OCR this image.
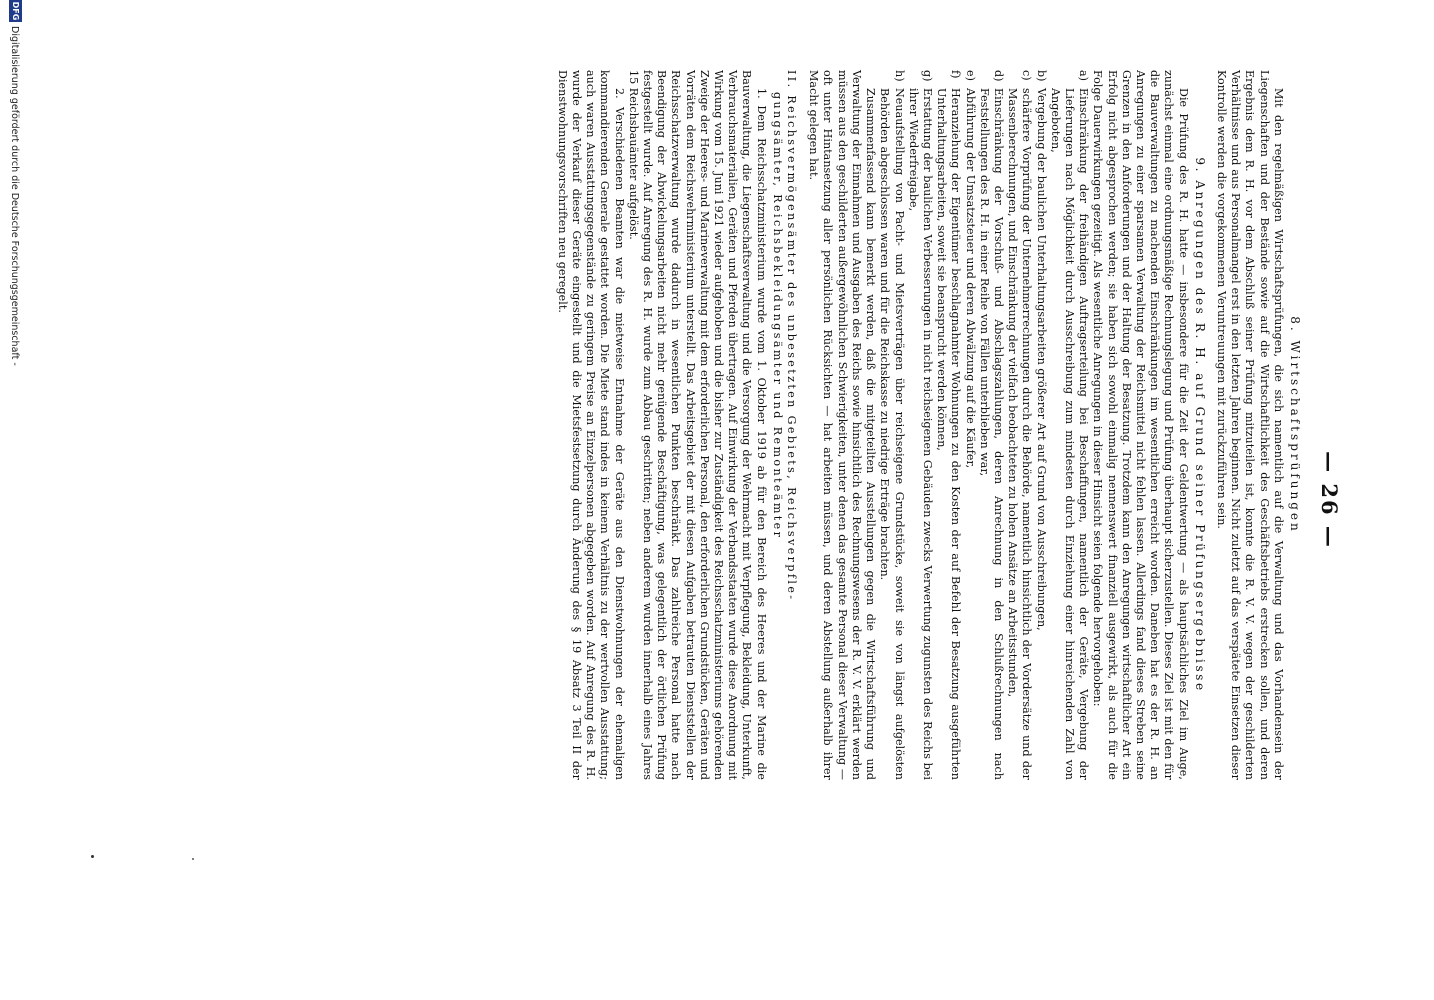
— 26 —
8. Wirtschaftsprüfungen

Mit den regelmäßigen Wirtschaftsprüfungen, die sich namentlich auf die Verwaltung und das Vorhandensein der Liegenschaften und der Bestände sowie auf die Wirtschaftlichkeit des Geschäftsbetriebs erstrecken sollen, und deren Ergebnis dem R. H. vor dem Abschluß seiner Prüfung mitzuteilen ist, konnte die R. V. V. wegen der geschilderten Verhältnisse und aus Personalmangel erst in den letzten Jahren beginnen. Nicht zuletzt auf das verspätete Einsetzen dieser Kontrolle werden die vorgekommenen Veruntreuungen mit zurückzuführen sein.

9. Anregungen des R. H. auf Grund seiner Prüfungsergebnisse

Die Prüfung des R. H. hatte — insbesondere für die Zeit der Geldentwertung — als hauptsächliches Ziel im Auge, zunächst einmal eine ordnungsmäßige Rechnungslegung und Prüfung überhaupt sicherzustellen. Dieses Ziel ist mit den für die Bauverwaltungen zu machenden Einschränkungen im wesentlichen erreicht worden. Daneben hat es der R. H. an Anregungen zu einer sparsamen Verwaltung der Reichsmittel nicht fehlen lassen. Allerdings fand dieses Streben seine Grenzen in den Anforderungen und der Haltung der Besatzung. Trotzdem kann den Anregungen wirtschaftlicher Art ein Erfolg nicht abgesprochen werden; sie haben sich sowohl einmalig nennenswert finanziell ausgewirkt, als auch für die Folge Dauerwirkungen gezeitigt. Als wesentliche Anregungen in dieser Hinsicht seien folgende hervorgehoben:

a)
Einschränkung der freihändigen Auftragserteilung bei Beschaffungen, namentlich der Geräte, Vergebung der Lieferungen nach Möglichkeit durch Ausschreibung zum mindesten durch Einziehung einer hinreichenden Zahl von Angeboten,
b)
Vergebung der baulichen Unterhaltungsarbeiten größerer Art auf Grund von Ausschreibungen,
c)
schärfere Vorprüfung der Unternehmerrechnungen durch die Behörde, namentlich hinsichtlich der Vordersätze und der Massenberechnungen, und Einschränkung der vielfach beobachteten zu hohen Ansätze an Arbeitsstunden,
d)
Einschränkung der Vorschuß- und Abschlagszahlungen, deren Anrechnung in den Schlußrechnungen nach Feststellungen des R. H. in einer Reihe von Fällen unterblieben war,
e)
Abführung der Umsatzsteuer und deren Abwälzung auf die Käufer,
f)
Heranziehung der Eigentümer beschlagnahmter Wohnungen zu den Kosten der auf Befehl der Besatzung ausgeführten Unterhaltungsarbeiten, soweit sie beansprucht werden können,
g)
Erstattung der baulichen Verbesserungen in nicht reichseigenen Gebäuden zwecks Verwertung zugunsten des Reichs bei ihrer Wiederfreigabe,
h)
Neuaufstellung von Pacht- und Mietsverträgen über reichseigene Grundstücke, soweit sie von längst aufgelösten Behörden abgeschlossen waren und für die Reichskasse zu niedrige Erträge brachten.

Zusammenfassend kann bemerkt werden, daß die mitgeteilten Ausstellungen gegen die Wirtschaftsführung und Verwaltung der Einnahmen und Ausgaben des Reichs sowie hinsichtlich des Rechnungswesens der R. V. V. erklärt werden müssen aus den geschilderten außergewöhnlichen Schwierigkeiten, unter denen das gesamte Personal dieser Verwaltung — oft unter Hintansetzung aller persönlichen Rücksichten — hat arbeiten müssen, und deren Abstellung außerhalb ihrer Macht gelegen hat.

II. Reichsvermögensämter des unbesetzten Gebiets, Reichsverpfle-
gungsämter, Reichsbekleidungsämter und Remonteämter

1. Dem Reichsschatzministerium wurde vom 1. Oktober 1919 ab für den Bereich des Heeres und der Marine die Bauverwaltung, die Liegenschaftsverwaltung und die Versorgung der Wehrmacht mit Verpflegung, Bekleidung, Unterkunft, Verbrauchsmaterialien, Geräten und Pferden übertragen. Auf Einwirkung der Verbandsstaaten wurde diese Anordnung mit Wirkung vom 15. Juni 1921 wieder aufgehoben und die bisher zur Zuständigkeit des Reichsschatzministeriums gehörenden Zweige der Heeres- und Marineverwaltung mit dem erforderlichen Personal, den erforderlichen Grundstücken, Geräten und Vorräten dem Reichswehrministerium unterstellt. Das Arbeitsgebiet der mit diesen Aufgaben betrauten Dienststellen der Reichsschatzverwaltung wurde dadurch in wesentlichen Punkten beschränkt. Das zahlreiche Personal hatte nach Beendigung der Abwickelungsarbeiten nicht mehr genügende Beschäftigung, was gelegentlich der örtlichen Prüfung festgestellt wurde. Auf Anregung des R. H. wurde zum Abbau geschritten; neben anderem wurden innerhalb eines Jahres 15 Reichsbauämter aufgelöst.

2. Verschiedenen Beamten war die mietweise Entnahme der Geräte aus den Dienstwohnungen der ehemaligen kommandierenden Generale gestattet worden. Die Miete stand indes in keinem Verhältnis zu der wertvollen Ausstattung; auch waren Ausstattungsgegenstände zu geringem Preise an Einzelpersonen abgegeben worden. Auf Anregung des R. H. wurde der Verkauf dieser Geräte eingestellt und die Mietsfestsetzung durch Änderung des § 19 Absatz 3 Teil II der Dienstwohnungsvorschriften neu geregelt.

DFG
Digitalisierung gefördert durch die Deutsche Forschungsgemeinschaft -
